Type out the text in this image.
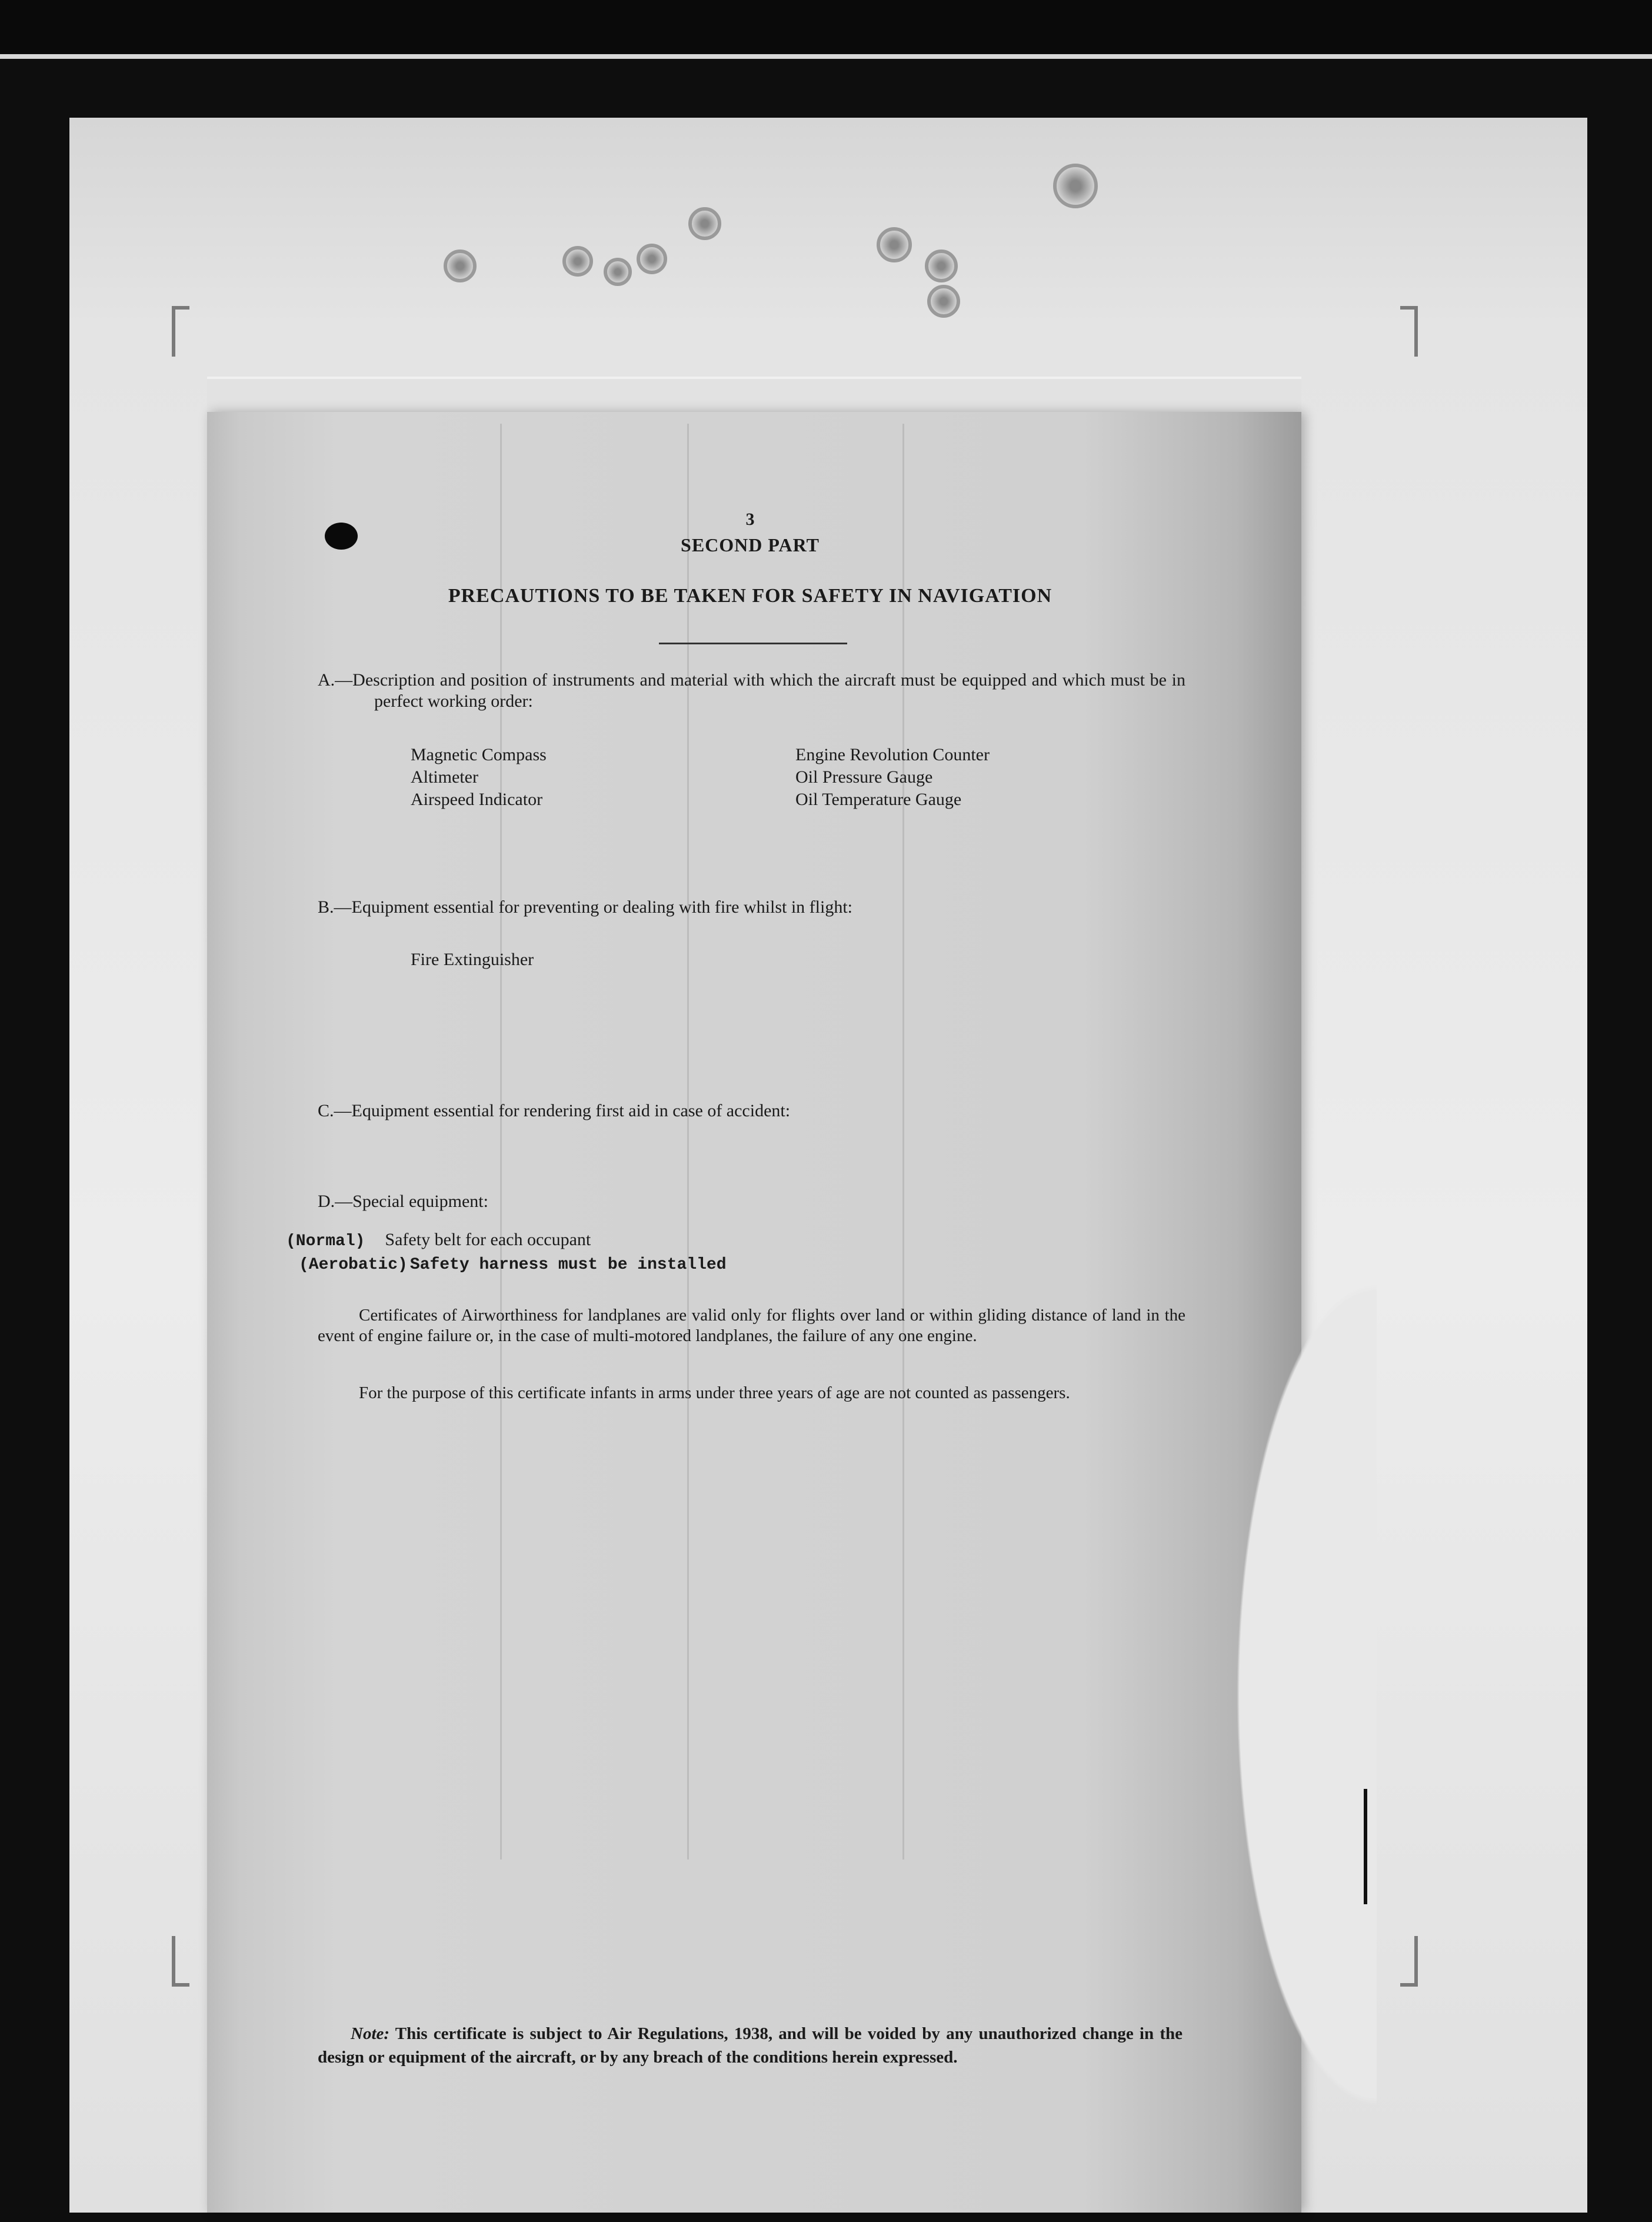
3
SECOND PART
PRECAUTIONS TO BE TAKEN FOR SAFETY IN NAVIGATION
A.—Description and position of instruments and material with which the aircraft must be equipped and which must be in perfect working order:
Magnetic Compass
Altimeter
Airspeed Indicator
Engine Revolution Counter
Oil Pressure Gauge
Oil Temperature Gauge
B.—Equipment essential for preventing or dealing with fire whilst in flight:
Fire Extinguisher
C.—Equipment essential for rendering first aid in case of accident:
D.—Special equipment:
(Normal) Safety belt for each occupant
(Aerobatic) Safety harness must be installed
Certificates of Airworthiness for landplanes are valid only for flights over land or within gliding distance of land in the event of engine failure or, in the case of multi-motored landplanes, the failure of any one engine.
For the purpose of this certificate infants in arms under three years of age are not counted as passengers.
Note: This certificate is subject to Air Regulations, 1938, and will be voided by any unauthorized change in the design or equipment of the aircraft, or by any breach of the conditions herein expressed.
